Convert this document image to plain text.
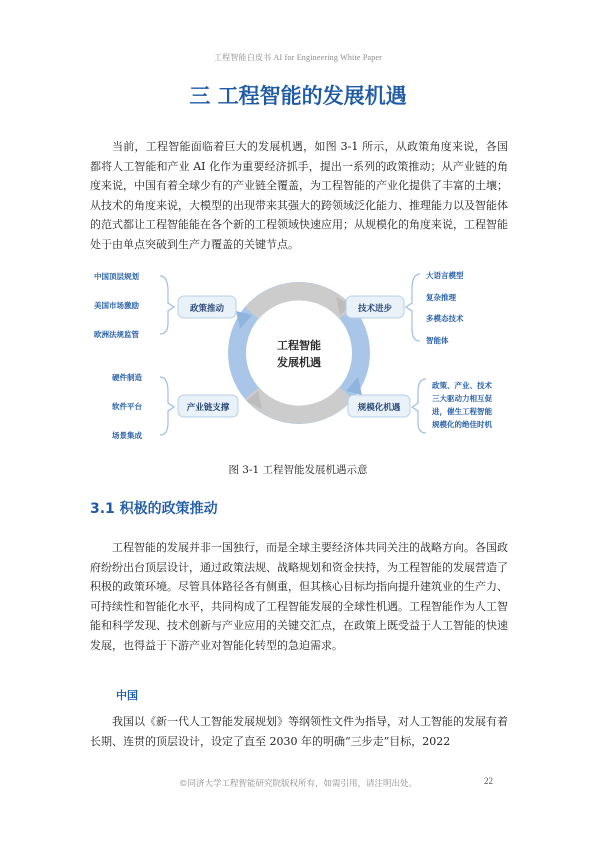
工程智能白皮书 AI for Engineering White Paper
三 工程智能的发展机遇

当前，工程智能面临着巨大的发展机遇，如图 3-1 所示，从政策角度来说，各国都将人工智能和产业 AI 化作为重要经济抓手，提出一系列的政策推动；从产业链的角度来说，中国有着全球少有的产业链全覆盖，为工程智能的产业化提供了丰富的土壤；从技术的角度来说，大模型的出现带来其强大的跨领域泛化能力、推理能力以及智能体的范式都让工程智能能在各个新的工程领域快速应用；从规模化的角度来说，工程智能处于由单点突破到生产力覆盖的关键节点。

工程智能
发展机遇
中国顶层规划
美国市场激励
欧洲法规监管
政策推动	技术进步
大语言模型
复杂推理
多模态技术
智能体
硬件制造
软件平台
场景集成
产业链支撑	规模化机遇
政策、产业、技术
三大驱动力相互促
进，催生工程智能
规模化的绝佳时机
图 3-1 工程智能发展机遇示意
3.1 积极的政策推动

工程智能的发展并非一国独行，而是全球主要经济体共同关注的战略方向。各国政府纷纷出台顶层设计，通过政策法规、战略规划和资金扶持，为工程智能的发展营造了积极的政策环境。尽管具体路径各有侧重，但其核心目标均指向提升建筑业的生产力、可持续性和智能化水平，共同构成了工程智能发展的全球性机遇。工程智能作为人工智能和科学发现、技术创新与产业应用的关键交汇点，在政策上既受益于人工智能的快速发展，也得益于下游产业对智能化转型的急迫需求。

中国

我国以《新一代人工智能发展规划》等纲领性文件为指导，对人工智能的发展有着长期、连贯的顶层设计，设定了直至 2030 年的明确“三步走”目标，2022

©同济大学工程智能研究院版权所有，如需引用，请注明出处。	22
